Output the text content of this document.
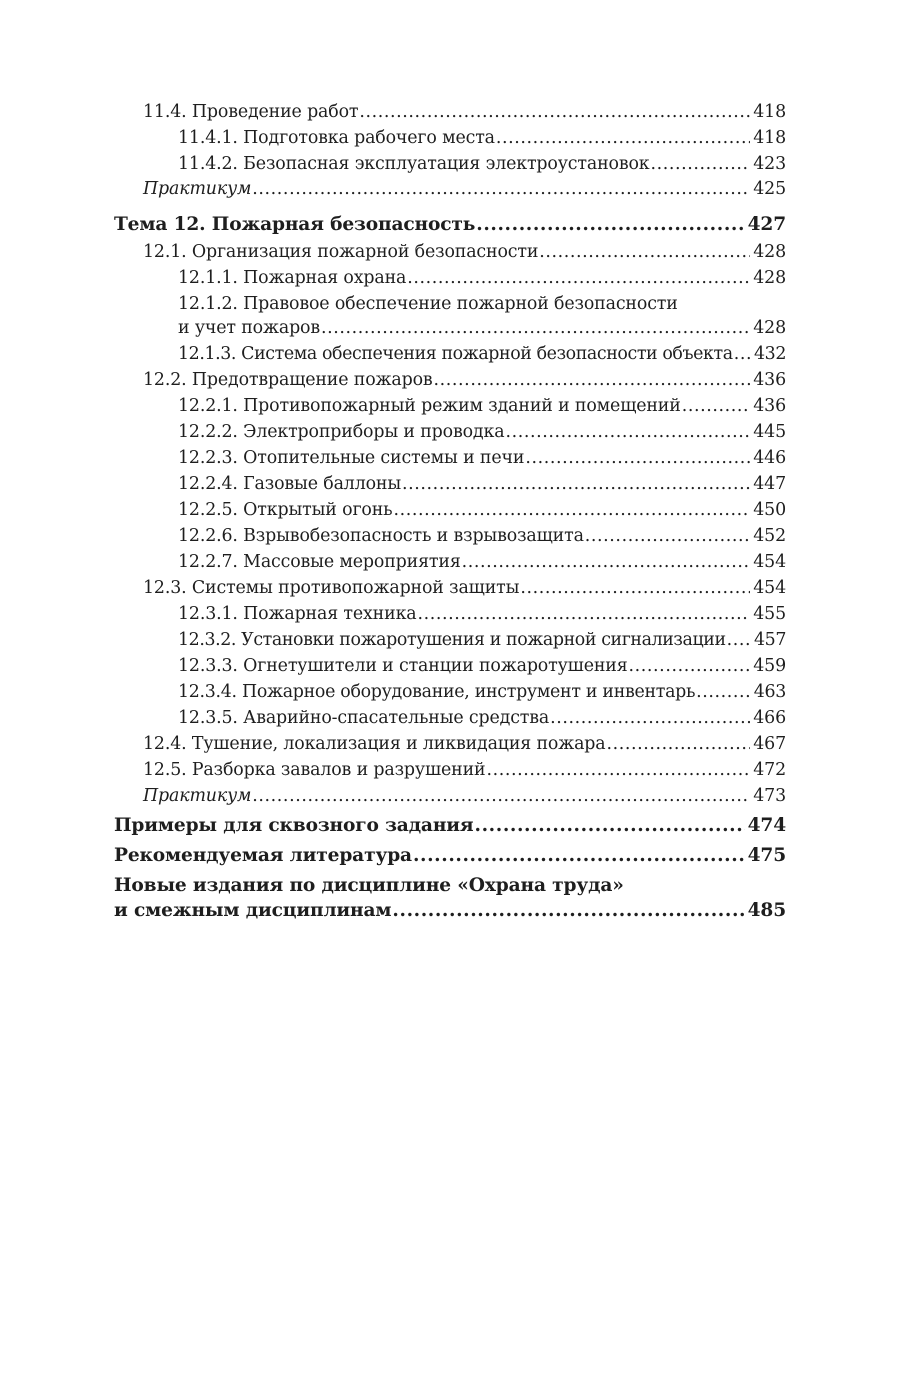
11.4. Проведение работ .....	418
11.4.1. Подготовка рабочего места .....	418
11.4.2. Безопасная эксплуатация электроустановок .....	423
Практикум .....	425
Тема 12. Пожарная безопасность .....	427
12.1. Организация пожарной безопасности .....	428
12.1.1. Пожарная охрана .....	428
12.1.2. Правовое обеспечение пожарной безопасности
и учет пожаров .....	428
12.1.3. Система обеспечения пожарной безопасности объекта ..... 432
12.2. Предотвращение пожаров .....	436
12.2.1. Противопожарный режим зданий и помещений .....	436
12.2.2. Электроприборы и проводка .....	445
12.2.3. Отопительные системы и печи .....	446
12.2.4. Газовые баллоны .....	447
12.2.5. Открытый огонь .....	450
12.2.6. Взрывобезопасность и взрывозащита .....	452
12.2.7. Массовые мероприятия .....	454
12.3. Системы противопожарной защиты .....	454
12.3.1. Пожарная техника .....	455
12.3.2. Установки пожаротушения и пожарной сигнализации ..... 457
12.3.3. Огнетушители и станции пожаротушения .....	459
12.3.4. Пожарное оборудование, инструмент и инвентарь .....	463
12.3.5. Аварийно-спасательные средства .....	466
12.4. Тушение, локализация и ликвидация пожара .....	467
12.5. Разборка завалов и разрушений .....	472
Практикум .....	473
Примеры для сквозного задания .....	474
Рекомендуемая литература .....	475
Новые издания по дисциплине «Охрана труда»
и смежным дисциплинам .....	485
